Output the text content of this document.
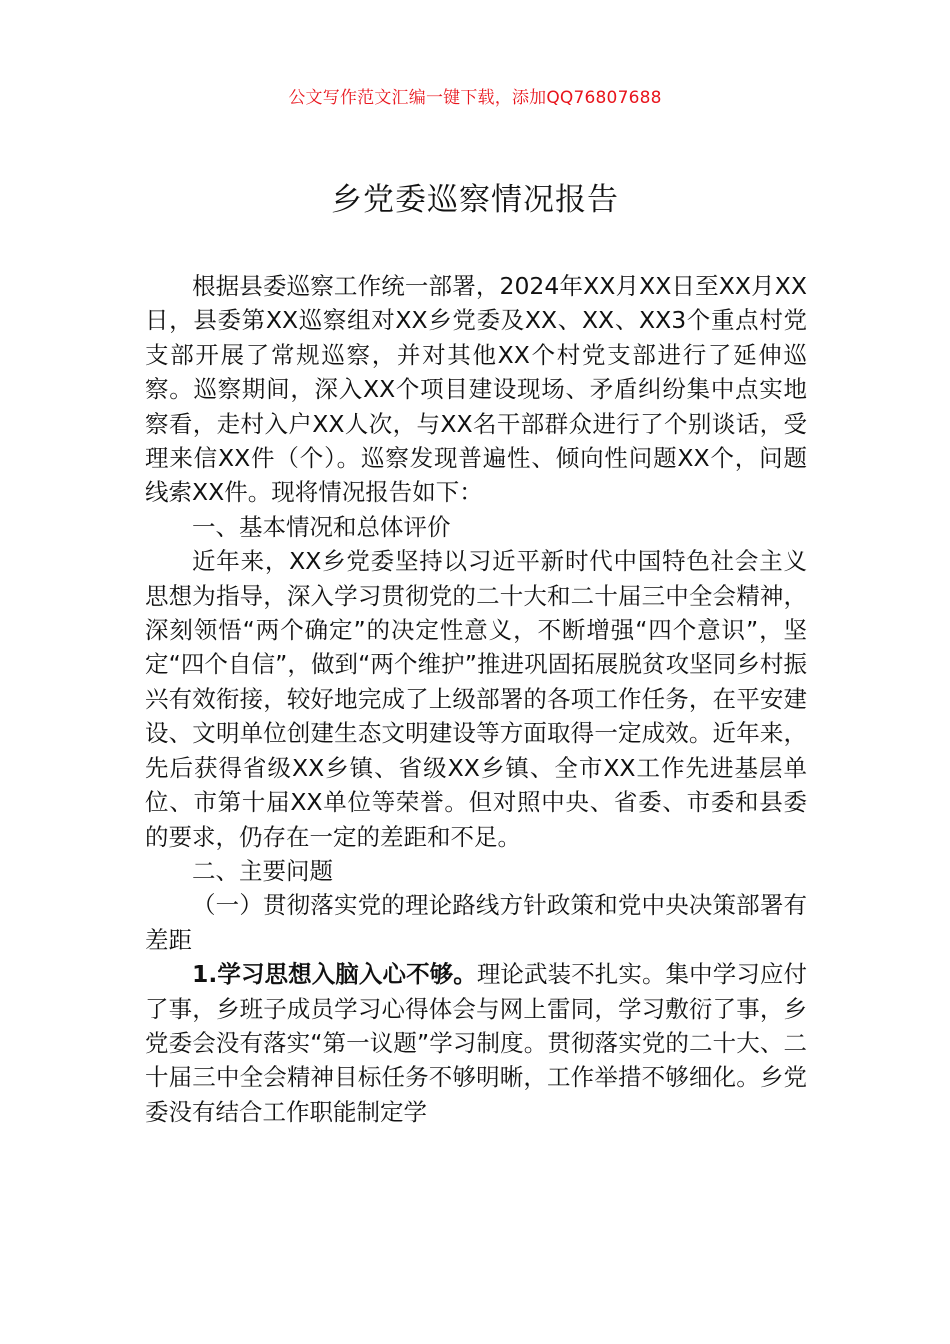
公文写作范文汇编一键下载，添加QQ76807688
乡党委巡察情况报告

根据县委巡察工作统一部署，2024年XX月XX日至XX月XX日，县委第XX巡察组对XX乡党委及XX、XX、XX3个重点村党支部开展了常规巡察，并对其他XX个村党支部进行了延伸巡察。巡察期间，深入XX个项目建设现场、矛盾纠纷集中点实地察看，走村入户XX人次，与XX名干部群众进行了个别谈话，受理来信XX件（个）。巡察发现普遍性、倾向性问题XX个，问题线索XX件。现将情况报告如下：

一、基本情况和总体评价

近年来，XX乡党委坚持以习近平新时代中国特色社会主义思想为指导，深入学习贯彻党的二十大和二十届三中全会精神，深刻领悟“两个确定”的决定性意义，不断增强“四个意识”，坚定“四个自信”，做到“两个维护”推进巩固拓展脱贫攻坚同乡村振兴有效衔接，较好地完成了上级部署的各项工作任务，在平安建设、文明单位创建生态文明建设等方面取得一定成效。近年来，先后获得省级XX乡镇、省级XX乡镇、全市XX工作先进基层单位、市第十届XX单位等荣誉。但对照中央、省委、市委和县委的要求，仍存在一定的差距和不足。

二、主要问题

（一）贯彻落实党的理论路线方针政策和党中央决策部署有差距

1.学习思想入脑入心不够。理论武装不扎实。集中学习应付了事，乡班子成员学习心得体会与网上雷同，学习敷衍了事，乡党委会没有落实“第一议题”学习制度。贯彻落实党的二十大、二十届三中全会精神目标任务不够明晰，工作举措不够细化。乡党委没有结合工作职能制定学
